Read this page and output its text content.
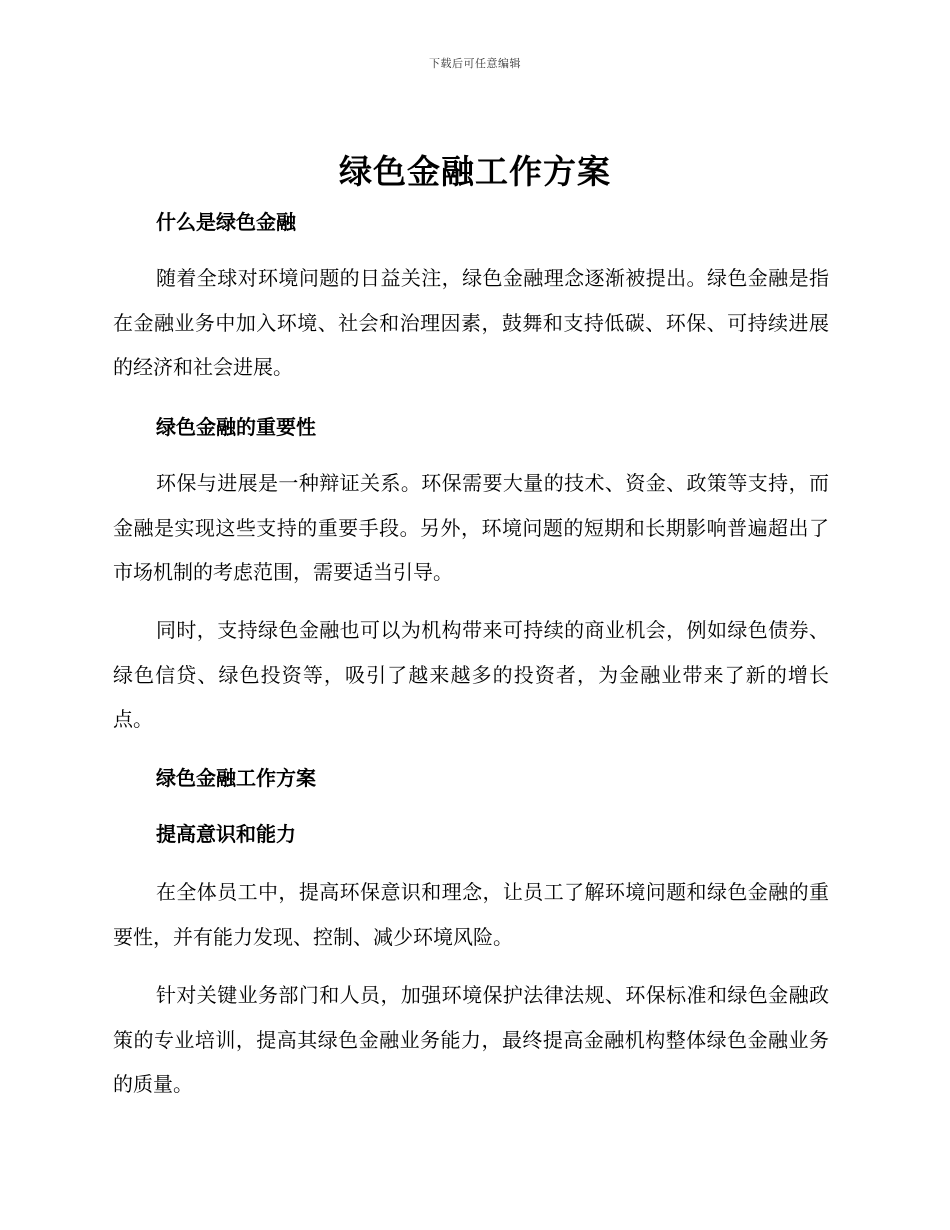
下载后可任意编辑
绿色金融工作方案
什么是绿色金融

随着全球对环境问题的日益关注，绿色金融理念逐渐被提出。绿色金融是指在金融业务中加入环境、社会和治理因素，鼓舞和支持低碳、环保、可持续进展的经济和社会进展。

绿色金融的重要性

环保与进展是一种辩证关系。环保需要大量的技术、资金、政策等支持，而金融是实现这些支持的重要手段。另外，环境问题的短期和长期影响普遍超出了市场机制的考虑范围，需要适当引导。

同时，支持绿色金融也可以为机构带来可持续的商业机会，例如绿色债券、绿色信贷、绿色投资等，吸引了越来越多的投资者，为金融业带来了新的增长点。

绿色金融工作方案
提高意识和能力

在全体员工中，提高环保意识和理念，让员工了解环境问题和绿色金融的重要性，并有能力发现、控制、减少环境风险。

针对关键业务部门和人员，加强环境保护法律法规、环保标准和绿色金融政策的专业培训，提高其绿色金融业务能力，最终提高金融机构整体绿色金融业务的质量。
